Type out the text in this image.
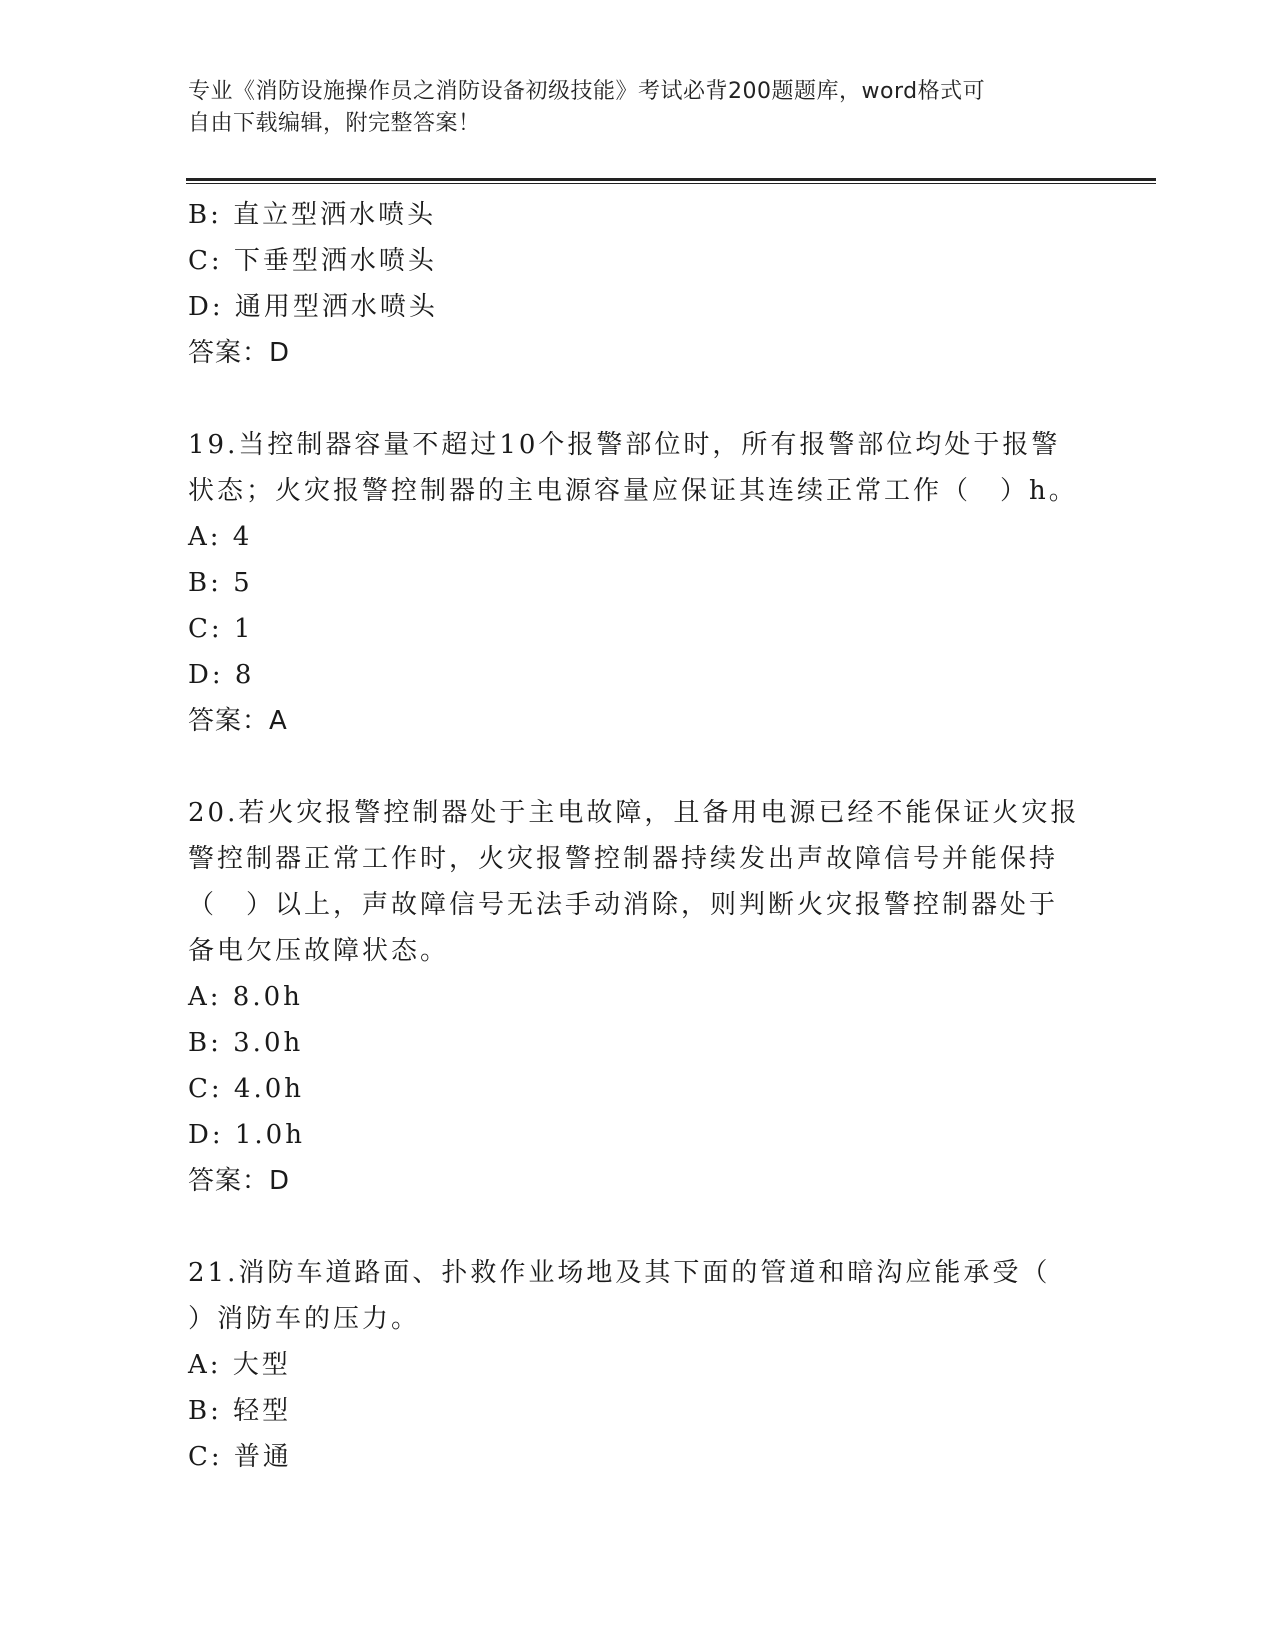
专业《消防设施操作员之消防设备初级技能》考试必背200题题库，word格式可
自由下载编辑，附完整答案！
B: 直立型洒水喷头
C: 下垂型洒水喷头
D: 通用型洒水喷头
答案：D
19.当控制器容量不超过10个报警部位时，所有报警部位均处于报警
状态；火灾报警控制器的主电源容量应保证其连续正常工作（　）h。
A: 4
B: 5
C: 1
D: 8
答案：A
20.若火灾报警控制器处于主电故障，且备用电源已经不能保证火灾报
警控制器正常工作时，火灾报警控制器持续发出声故障信号并能保持
（　）以上，声故障信号无法手动消除，则判断火灾报警控制器处于
备电欠压故障状态。
A: 8.0h
B: 3.0h
C: 4.0h
D: 1.0h
答案：D
21.消防车道路面、扑救作业场地及其下面的管道和暗沟应能承受（
）消防车的压力。
A: 大型
B: 轻型
C: 普通
